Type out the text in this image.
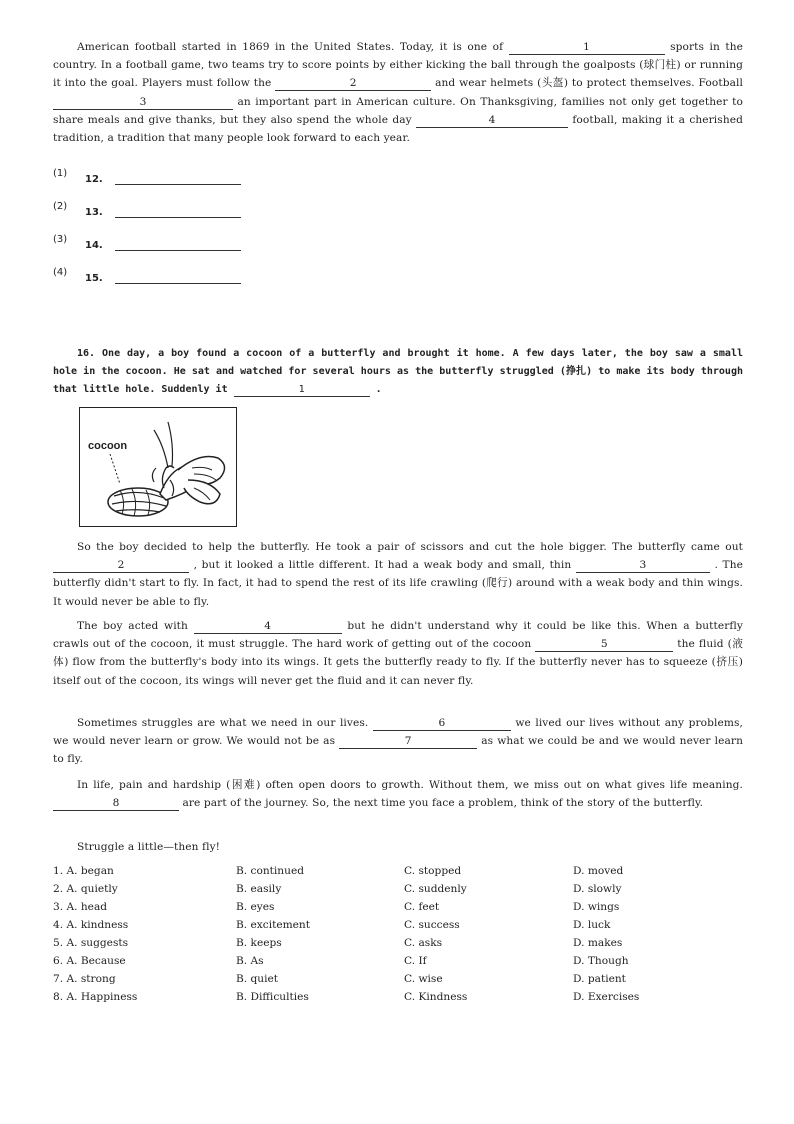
American football started in 1869 in the United States. Today, it is one of	1	sports in the country. In a football game, two teams try to score points by either kicking the ball through the goalposts (球门柱) or running it into the goal. Players must follow the	2	and wear helmets (头盔) to protect themselves. Football 3	an important part in American culture. On Thanksgiving, families not only get together to share meals and give thanks, but they also spend the whole day	4	football, making it a cherished tradition, a tradition that many people look forward to each year.

(1)
12.
(2)
13.
(3)
14.
(4)
15.

16. One day, a boy found a cocoon of a butterfly and brought it home. A few days later, the boy saw a small hole in the cocoon. He sat and watched for several hours as the butterfly struggled (挣扎) to make its body through that little hole. Suddenly it	1	.

cocoon

So the boy decided to help the butterfly. He took a pair of scissors and cut the hole bigger. The butterfly came out 2	, but it looked a little different. It had a weak body and small, thin	3	. The butterfly didn't start to fly. In fact, it had to spend the rest of its life crawling (爬行) around with a weak body and thin wings. It would never be able to fly.

The boy acted with	4	but he didn't understand why it could be like this. When a butterfly crawls out of the cocoon, it must struggle. The hard work of getting out of the cocoon	5	the fluid (液体) flow from the butterfly's body into its wings. It gets the butterfly ready to fly. If the butterfly never has to squeeze (挤压) itself out of the cocoon, its wings will never get the fluid and it can never fly.

Sometimes struggles are what we need in our lives.	6	we lived our lives without any problems, we would never learn or grow. We would not be as	7	as what we could be and we would never learn to fly.

In life, pain and hardship (困难) often open doors to growth. Without them, we miss out on what gives life meaning. 8	are part of the journey. So, the next time you face a problem, think of the story of the butterfly.

Struggle a little—then fly!

1. A. began	B. continued	C. stopped	D. moved
2. A. quietly	B. easily	C. suddenly	D. slowly
3. A. head	B. eyes	C. feet	D. wings
4. A. kindness	B. excitement	C. success	D. luck
5. A. suggests	B. keeps	C. asks	D. makes
6. A. Because	B. As	C. If	D. Though
7. A. strong	B. quiet	C. wise	D. patient
8. A. Happiness	B. Difficulties	C. Kindness	D. Exercises
